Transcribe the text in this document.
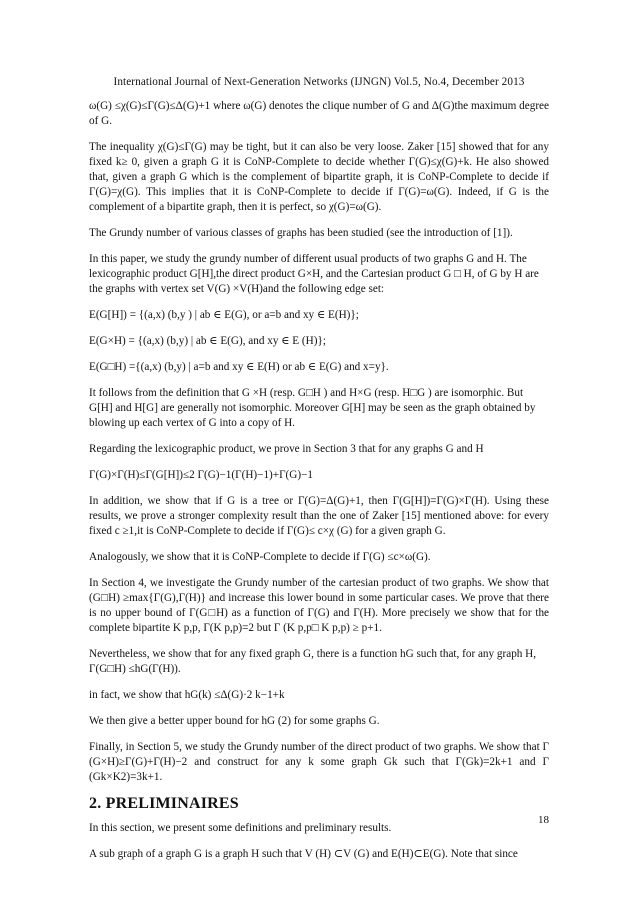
International Journal of Next-Generation Networks (IJNGN) Vol.5, No.4, December 2013

ω(G) ≤χ(G)≤Γ(G)≤Δ(G)+1 where ω(G) denotes the clique number of G and Δ(G)the maximum degree of G.

The inequality χ(G)≤Γ(G) may be tight, but it can also be very loose. Zaker [15] showed that for any fixed k≥ 0, given a graph G it is CoNP-Complete to decide whether Γ(G)≤χ(G)+k. He also showed that, given a graph G which is the complement of bipartite graph, it is CoNP-Complete to decide if Γ(G)=χ(G). This implies that it is CoNP-Complete to decide if Γ(G)=ω(G). Indeed, if G is the complement of a bipartite graph, then it is perfect, so χ(G)=ω(G).

The Grundy number of various classes of graphs has been studied (see the introduction of [1]).

In this paper, we study the grundy number of different usual products of two graphs G and H. The lexicographic product G[H],the direct product G×H, and the Cartesian product G □ H, of G by H are the graphs with vertex set V(G) ×V(H)and the following edge set:

E(G[H]) = {(a,x) (b,y ) | ab ∈ E(G), or a=b and xy ∈ E(H)};

E(G×H) = {(a,x) (b,y) | ab ∈ E(G), and xy ∈ E (H)};

E(G□H) ={(a,x) (b,y) | a=b and xy ∈ E(H) or ab ∈ E(G) and x=y}.

It follows from the definition that G ×H (resp. G□H ) and H×G (resp. H□G ) are isomorphic. But G[H] and H[G] are generally not isomorphic. Moreover G[H] may be seen as the graph obtained by blowing up each vertex of G into a copy of H.

Regarding the lexicographic product, we prove in Section 3 that for any graphs G and H

Γ(G)×Γ(H)≤Γ(G[H])≤2 Γ(G)−1(Γ(H)−1)+Γ(G)−1

In addition, we show that if G is a tree or Γ(G)=Δ(G)+1, then Γ(G[H])=Γ(G)×Γ(H). Using these results, we prove a stronger complexity result than the one of Zaker [15] mentioned above: for every fixed c ≥1,it is CoNP-Complete to decide if Γ(G)≤ c×χ (G) for a given graph G.

Analogously, we show that it is CoNP-Complete to decide if Γ(G) ≤c×ω(G).

In Section 4, we investigate the Grundy number of the cartesian product of two graphs. We show that (G□H) ≥max{Γ(G),Γ(H)} and increase this lower bound in some particular cases. We prove that there is no upper bound of Γ(G□H) as a function of Γ(G) and Γ(H). More precisely we show that for the complete bipartite K p,p, Γ(K p,p)=2 but Γ (K p,p□ K p,p) ≥ p+1.

Nevertheless, we show that for any fixed graph G, there is a function hG such that, for any graph H, Γ(G□H) ≤hG(Γ(H)).

in fact, we show that hG(k) ≤Δ(G)·2 k−1+k

We then give a better upper bound for hG (2) for some graphs G.

Finally, in Section 5, we study the Grundy number of the direct product of two graphs. We show that Γ (G×H)≥Γ(G)+Γ(H)−2 and construct for any k some graph Gk such that Γ(Gk)=2k+1 and Γ (Gk×K2)=3k+1.

2. PRELIMINAIRES

In this section, we present some definitions and preliminary results.

A sub graph of a graph G is a graph H such that V (H) ⊂V (G) and E(H)⊂E(G). Note that since

18
